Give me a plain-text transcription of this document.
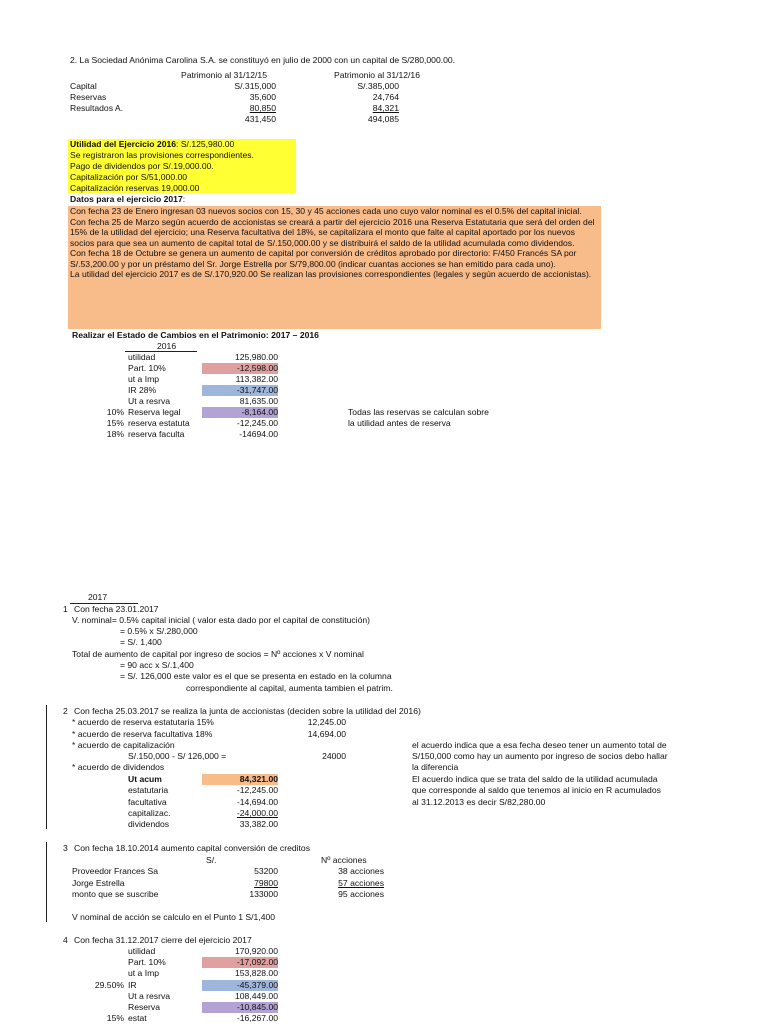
2. La Sociedad Anónima Carolina S.A. se constituyó en julio de 2000 con un capital de S/280,000.00.
Patrimonio al 31/12/15	Patrimonio al 31/12/16
Capital	S/.315,000	S/.385,000
Reservas	35,600	24,764
Resultados A.	80,850	84,321
431,450	494,085
Utilidad del Ejercicio 2016: S/.125,980.00
Se registraron las provisiones correspondientes.
Pago de dividendos por S/.19,000.00.
Capitalización por S/51,000.00
Capitalización reservas 19,000.00
Datos para el ejercicio 2017:
Con fecha 23 de Enero ingresan 03 nuevos socios con 15, 30 y 45 acciones cada uno cuyo valor nominal es el 0.5% del capital inicial.
Con fecha 25 de Marzo según acuerdo de accionistas se creará a partir del ejercicio 2016 una Reserva Estatutaria que será del orden del 15% de la utilidad del ejercicio; una Reserva facultativa del 18%, se capitalizara el monto que falte al capital aportado por los nuevos socios para que sea un aumento de capital total de S/.150,000.00 y se distribuirá el saldo de la utilidad acumulada como dividendos.
Con fecha 18 de Octubre se genera un aumento de capital por conversión de créditos aprobado por directorio: F/450 Francés SA por S/.53,200.00 y por un préstamo del Sr. Jorge Estrella por S/79,800.00 (indicar cuantas acciones se han emitido para cada uno).
La utilidad del ejercicio 2017 es de S/.170,920.00 Se realizan las provisiones correspondientes (legales y según acuerdo de accionistas).
Realizar el Estado de Cambios en el Patrimonio: 2017 – 2016
2016
utilidad	125,980.00
Part. 10%	-12,598.00
ut a Imp	113,382.00
IR 28%	-31,747.00
Ut a resrva	81,635.00
10% Reserva legal	-8,164.00
15% reserva estatuta	-12,245.00
18% reserva faculta	-14694.00
Todas las reservas se calculan sobre
la utilidad antes de reserva
2017
1 Con fecha 23.01.2017
V. nominal= 0.5% capital inicial ( valor esta dado por el capital de constitución)
= 0.5% x S/.280,000
= S/. 1,400
Total de aumento de capital por ingreso de socios = Nº acciones x V nominal
= 90 acc x S/.1,400
= S/. 126,000 este valor es el que se presenta en estado en la columna
correspondiente al capital, aumenta tambien el patrim.
2 Con fecha 25.03.2017 se realiza la junta de accionistas (deciden sobre la utilidad del 2016)
* acuerdo de reserva estatutaria 15%	12,245.00
* acuerdo de reserva facultativa 18%	14,694.00
* acuerdo de capitalización
S/.150,000 - S/ 126,000 =	24000
* acuerdo de dividendos
Ut acum	84,321.00
estatutaria	-12,245.00
facultativa	-14,694.00
capitalizac.	-24,000.00
dividendos	33,382.00
el acuerdo indica que a esa fecha deseo tener un aumento total de
S/150,000 como hay un aumento por ingreso de socios debo hallar
la diferencia
El acuerdo indica que se trata del saldo de la utilidad acumulada
que corresponde al saldo que tenemos al inicio en R acumulados
al 31.12.2013 es decir S/82,280.00
3 Con fecha 18.10.2014 aumento capital conversión de creditos
S/.	Nº acciones
Proveedor Frances Sa	53200	38 acciones
Jorge Estrella	79800	57 acciones
monto que se suscribe	133000	95 acciones
V nominal de acción se calculo en el Punto 1 S/1,400
4 Con fecha 31.12.2017 cierre del ejercicio 2017
utilidad	170,920.00
Part. 10%	-17,092.00
ut a Imp	153,828.00
29.50% IR	-45,379.00
Ut a resrva	108,449.00
Reserva	-10,845.00
15% estat	-16,267.00
